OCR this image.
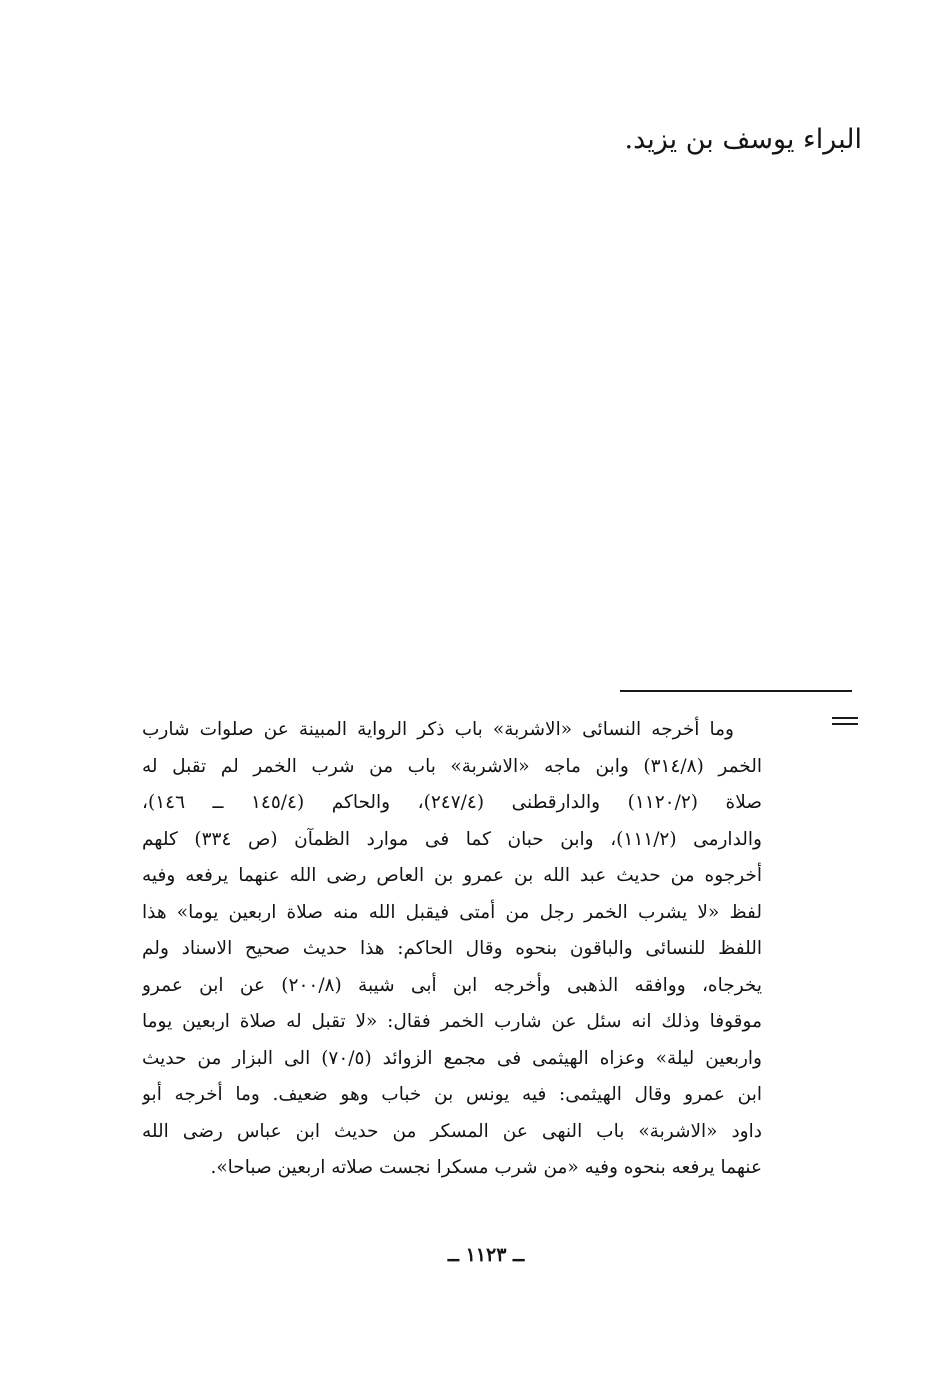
البراء يوسف بن يزيد.
وما أخرجه النسائى «الاشربة» باب ذكر الرواية المبينة عن صلوات شارب
الخمر (٣١٤/٨) وابن ماجه «الاشربة» باب من شرب الخمر لم تقبل له
صلاة (١١٢٠/٢) والدارقطنى (٢٤٧/٤)، والحاكم (١٤٥/٤ ــ ١٤٦)،
والدارمى (١١١/٢)، وابن حبان كما فى موارد الظمآن (ص ٣٣٤) كلهم
أخرجوه من حديث عبد الله بن عمرو بن العاص رضى الله عنهما يرفعه وفيه
لفظ «لا يشرب الخمر رجل من أمتى فيقبل الله منه صلاة اربعين يوما» هذا
اللفظ للنسائى والباقون بنحوه وقال الحاكم: هذا حديث صحيح الاسناد ولم
يخرجاه، ووافقه الذهبى وأخرجه ابن أبى شيبة (٢٠٠/٨) عن ابن عمرو
موقوفا وذلك انه سئل عن شارب الخمر فقال: «لا تقبل له صلاة اربعين يوما
واربعين ليلة» وعزاه الهيثمى فى مجمع الزوائد (٧٠/٥) الى البزار من حديث
ابن عمرو وقال الهيثمى: فيه يونس بن خباب وهو ضعيف. وما أخرجه أبو
داود «الاشربة» باب النهى عن المسكر من حديث ابن عباس رضى الله
عنهما يرفعه بنحوه وفيه «من شرب مسكرا نجست صلاته اربعين صباحا».
ــ ١١٢٣ ــ
